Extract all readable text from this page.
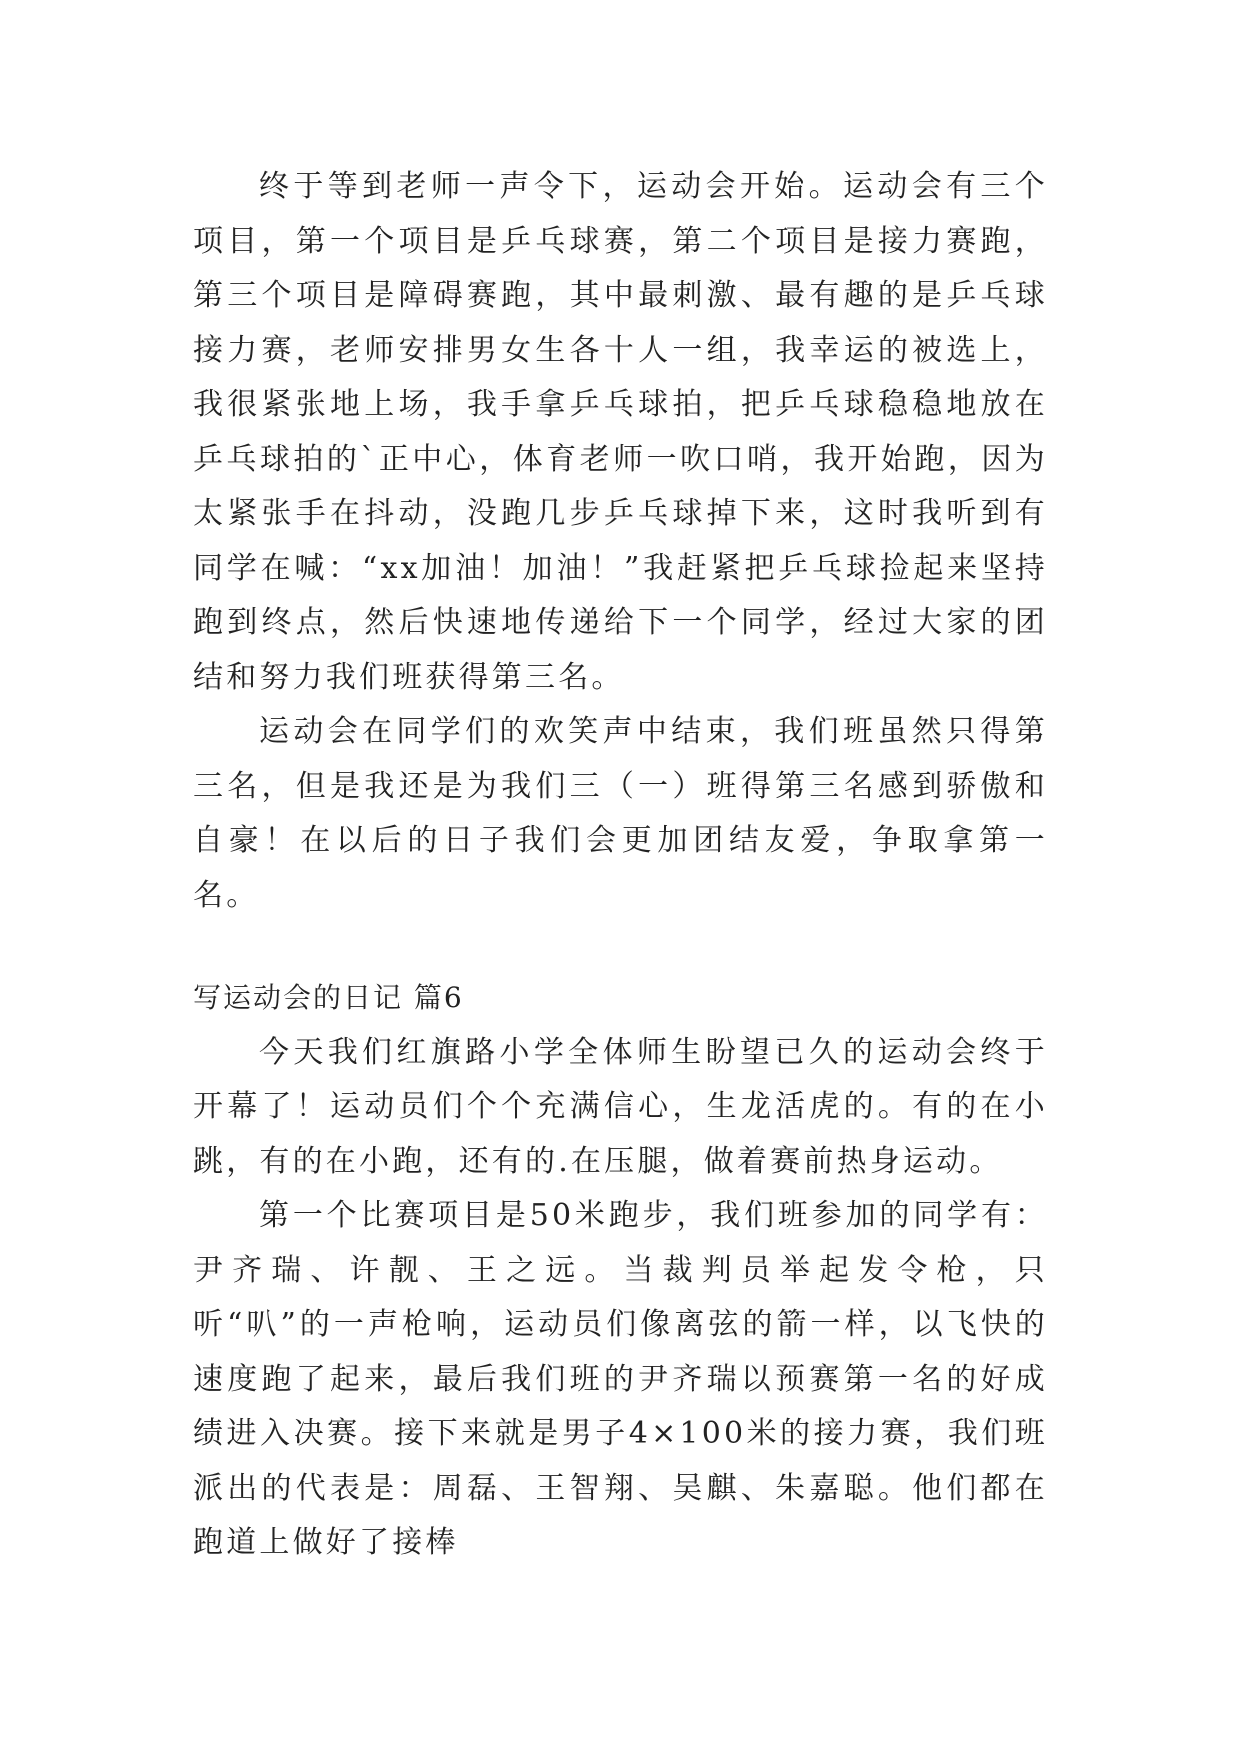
终于等到老师一声令下，运动会开始。运动会有三个项目，第一个项目是乒乓球赛，第二个项目是接力赛跑，第三个项目是障碍赛跑，其中最刺激、最有趣的是乒乓球接力赛，老师安排男女生各十人一组，我幸运的被选上，我很紧张地上场，我手拿乒乓球拍，把乒乓球稳稳地放在乒乓球拍的`正中心，体育老师一吹口哨，我开始跑，因为太紧张手在抖动，没跑几步乒乓球掉下来，这时我听到有同学在喊：“xx加油！加油！”我赶紧把乒乓球捡起来坚持跑到终点，然后快速地传递给下一个同学，经过大家的团结和努力我们班获得第三名。

运动会在同学们的欢笑声中结束，我们班虽然只得第三名，但是我还是为我们三（一）班得第三名感到骄傲和自豪！在以后的日子我们会更加团结友爱，争取拿第一名。

写运动会的日记 篇6

今天我们红旗路小学全体师生盼望已久的运动会终于开幕了！运动员们个个充满信心，生龙活虎的。有的在小跳，有的在小跑，还有的.在压腿，做着赛前热身运动。

第一个比赛项目是50米跑步，我们班参加的同学有：尹齐瑞、许靓、王之远。当裁判员举起发令枪，只听“叭”的一声枪响，运动员们像离弦的箭一样，以飞快的速度跑了起来，最后我们班的尹齐瑞以预赛第一名的好成绩进入决赛。接下来就是男子4×100米的接力赛，我们班派出的代表是：周磊、王智翔、吴麒、朱嘉聪。他们都在跑道上做好了接棒
